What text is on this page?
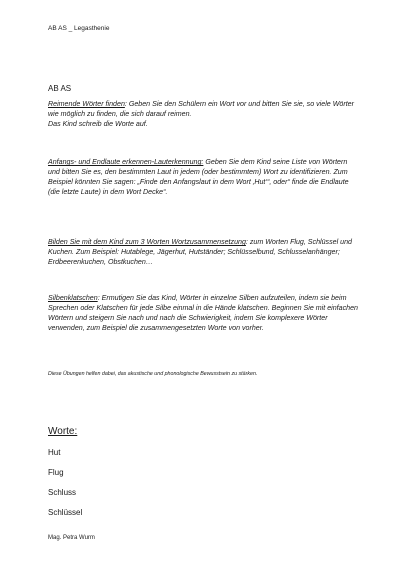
AB AS _ Legasthenie
AB AS
Reimende Wörter finden: Geben Sie den Schülern ein Wort vor und bitten Sie sie, so viele Wörter wie möglich zu finden, die sich darauf reimen.
Das Kind schreib die Worte auf.
Anfangs- und Endlaute erkennen-Lauterkennung: Geben Sie dem Kind seine Liste von Wörtern und bitten Sie es, den bestimmten Laut in jedem (oder bestimmtem) Wort zu identifizieren. Zum Beispiel könnten Sie sagen: „Finde den Anfangslaut in dem Wort ‚Hut‘“, oder“ finde die Endlaute (die letzte Laute) in dem Wort Decke“.
Bilden Sie mit dem Kind zum 3 Worten Wortzusammensetzung: zum Worten Flug, Schlüssel und Kuchen. Zum Beispiel: Hutablege, Jägerhut, Hutständer; Schlüsselbund, Schlusselanhänger; Erdbeerenkuchen, Obstkuchen…
Silbenklatschen: Ermutigen Sie das Kind, Wörter in einzelne Silben aufzuteilen, indem sie beim Sprechen oder Klatschen für jede Silbe einmal in die Hände klatschen. Beginnen Sie mit einfachen Wörtern und steigern Sie nach und nach die Schwierigkeit, indem Sie komplexere Wörter verwenden, zum Beispiel die zusammengesetzten Worte von vorher.
Diese Übungen helfen dabei, das akustische und phonologische Bewusstsein zu stärken.
Worte:
Hut
Flug
Schluss
Schlüssel
Mag. Petra Wurm
